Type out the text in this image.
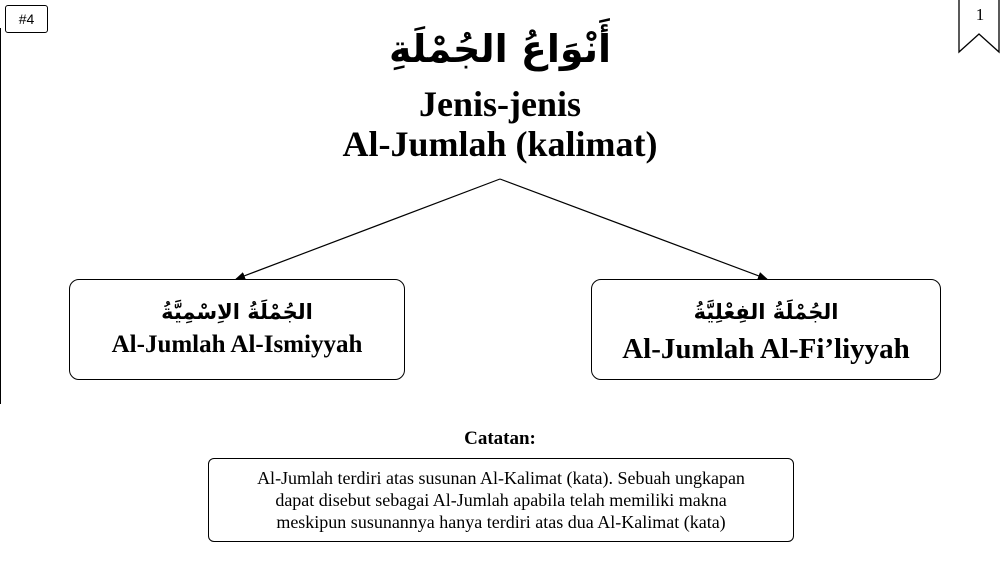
#4	1
أَنْوَاعُ الجُمْلَةِ
Jenis-jenis
Al-Jumlah (kalimat)
الجُمْلَةُ الاِسْمِيَّةُ
Al-Jumlah Al-Ismiyyah
الجُمْلَةُ الفِعْلِيَّةُ
Al-Jumlah Al-Fi’liyyah
Catatan:
Al-Jumlah terdiri atas susunan Al-Kalimat (kata). Sebuah ungkapan
dapat disebut sebagai Al-Jumlah apabila telah memiliki makna
meskipun susunannya hanya terdiri atas dua Al-Kalimat (kata)
